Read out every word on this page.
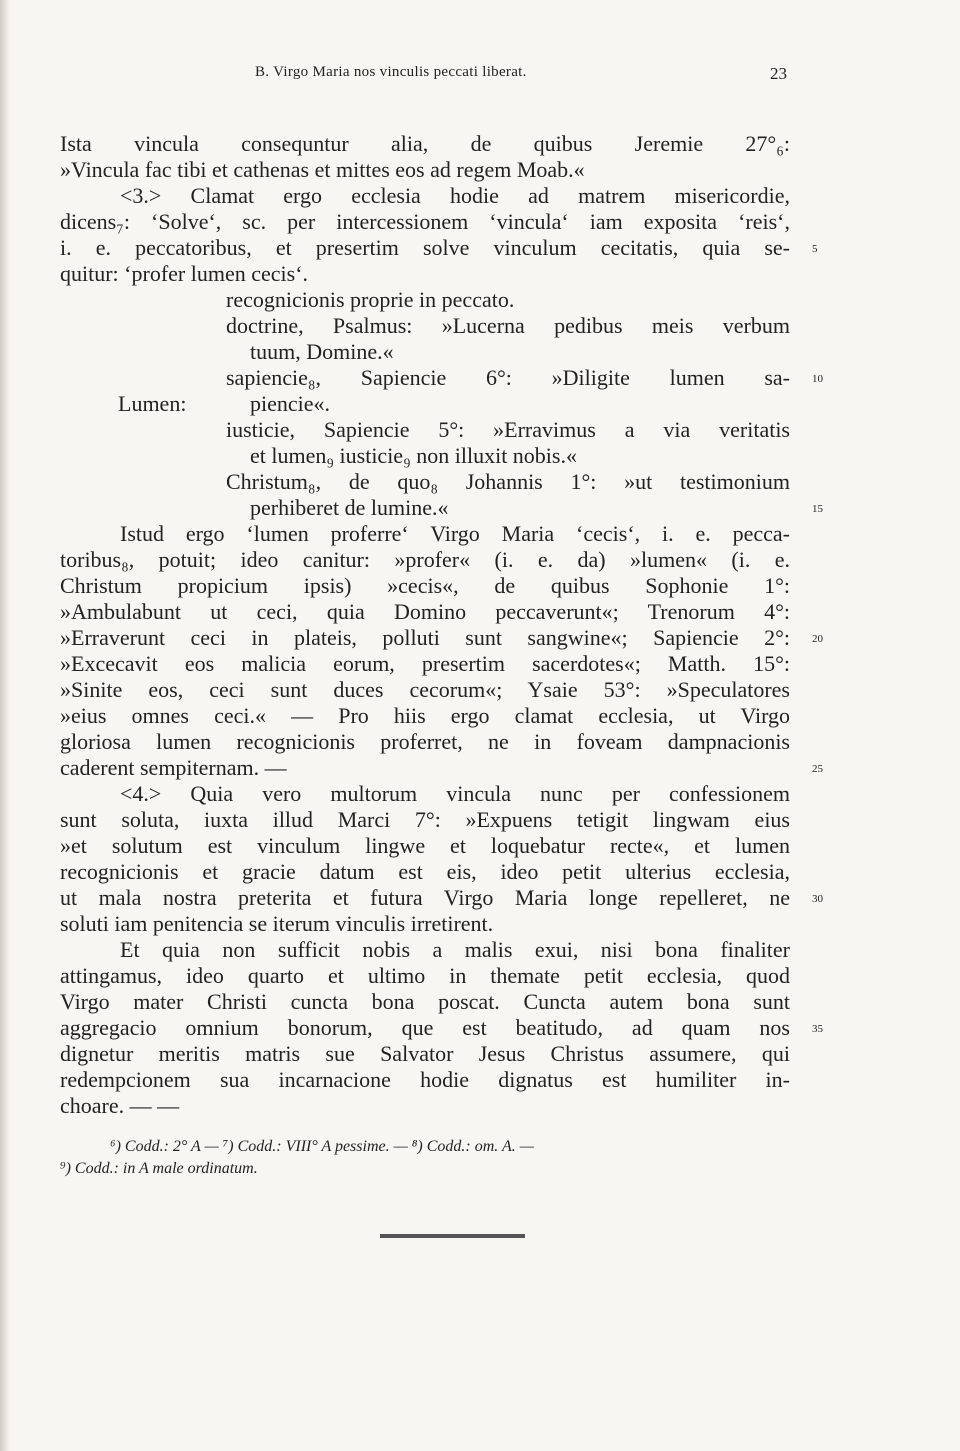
B. Virgo Maria nos vinculis peccati liberat.	23
Ista vincula consequntur alia, de quibus Jeremie 27°₆:
»Vincula fac tibi et cathenas et mittes eos ad regem Moab.«
<3.> Clamat ergo ecclesia hodie ad matrem misericordie,
dicens₇: ‘Solve‘, sc. per intercessionem ‘vincula‘ iam exposita ‘reis‘,
i. e. peccatoribus, et presertim solve vinculum cecitatis, quia se-
quitur: ‘profer lumen cecis‘.
Lumen:
recognicionis proprie in peccato.
doctrine, Psalmus: »Lucerna pedibus meis verbum
tuum, Domine.«
sapiencie₈, Sapiencie 6°: »Diligite lumen sa-
piencie«.
iusticie, Sapiencie 5°: »Erravimus a via veritatis
et lumen₉ iusticie₉ non illuxit nobis.«
Christum₈, de quo₈ Johannis 1°: »ut testimonium
perhiberet de lumine.«
Istud ergo ‘lumen proferre‘ Virgo Maria ‘cecis‘, i. e. pecca-
toribus₈, potuit; ideo canitur: »profer« (i. e. da) »lumen« (i. e.
Christum propicium ipsis) »cecis«, de quibus Sophonie 1°:
»Ambulabunt ut ceci, quia Domino peccaverunt«; Trenorum 4°:
»Erraverunt ceci in plateis, polluti sunt sangwine«; Sapiencie 2°:
»Excecavit eos malicia eorum, presertim sacerdotes«; Matth. 15°:
»Sinite eos, ceci sunt duces cecorum«; Ysaie 53°: »Speculatores
»eius omnes ceci.« — Pro hiis ergo clamat ecclesia, ut Virgo
gloriosa lumen recognicionis proferret, ne in foveam dampnacionis
caderent sempiternam. —
<4.> Quia vero multorum vincula nunc per confessionem
sunt soluta, iuxta illud Marci 7°: »Expuens tetigit lingwam eius
»et solutum est vinculum lingwe et loquebatur recte«, et lumen
recognicionis et gracie datum est eis, ideo petit ulterius ecclesia,
ut mala nostra preterita et futura Virgo Maria longe repelleret, ne
soluti iam penitencia se iterum vinculis irretirent.
Et quia non sufficit nobis a malis exui, nisi bona finaliter
attingamus, ideo quarto et ultimo in themate petit ecclesia, quod
Virgo mater Christi cuncta bona poscat. Cuncta autem bona sunt
aggregacio omnium bonorum, que est beatitudo, ad quam nos
dignetur meritis matris sue Salvator Jesus Christus assumere, qui
redempcionem sua incarnacione hodie dignatus est humiliter in-
choare. — —
5
10
15
20
25
30
35
⁶) Codd.: 2° A — ⁷) Codd.: VIII° A pessime. — ⁸) Codd.: om. A. —
⁹) Codd.: in A male ordinatum.
